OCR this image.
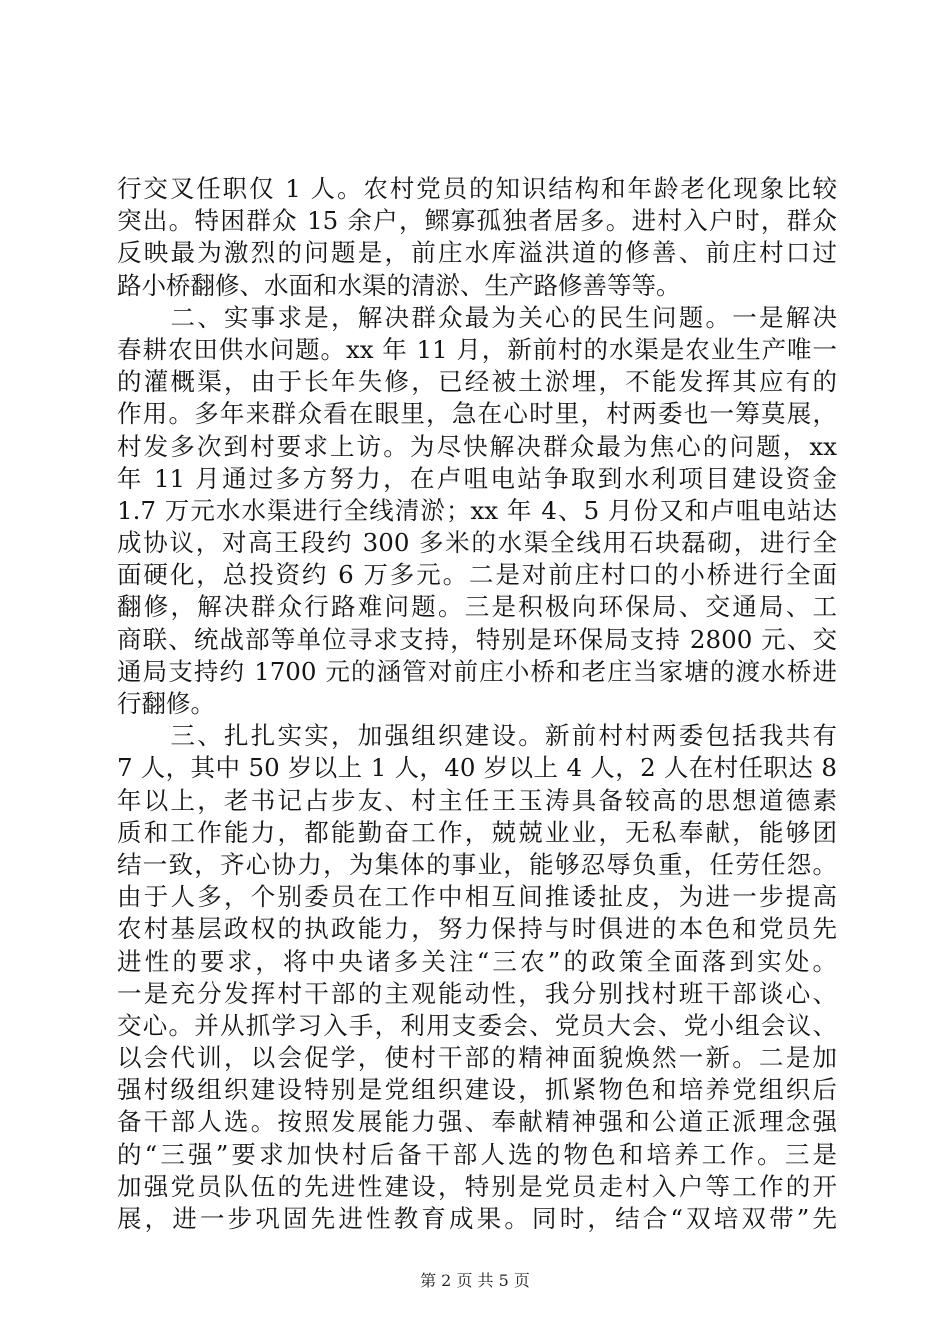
行交叉任职仅 1 人。农村党员的知识结构和年龄老化现象比较
突出。特困群众 15 余户，鳏寡孤独者居多。进村入户时，群众
反映最为激烈的问题是，前庄水库溢洪道的修善、前庄村口过
路小桥翻修、水面和水渠的清淤、生产路修善等等。
　　二、实事求是，解决群众最为关心的民生问题。一是解决
春耕农田供水问题。xx 年 11 月，新前村的水渠是农业生产唯一
的灌概渠，由于长年失修，已经被土淤埋，不能发挥其应有的
作用。多年来群众看在眼里，急在心时里，村两委也一筹莫展，
村发多次到村要求上访。为尽快解决群众最为焦心的问题，xx
年 11 月通过多方努力，在卢咀电站争取到水利项目建设资金
1.7 万元水水渠进行全线清淤；xx 年 4、5 月份又和卢咀电站达
成协议，对高王段约 300 多米的水渠全线用石块磊砌，进行全
面硬化，总投资约 6 万多元。二是对前庄村口的小桥进行全面
翻修，解决群众行路难问题。三是积极向环保局、交通局、工
商联、统战部等单位寻求支持，特别是环保局支持 2800 元、交
通局支持约 1700 元的涵管对前庄小桥和老庄当家塘的渡水桥进
行翻修。
　　三、扎扎实实，加强组织建设。新前村村两委包括我共有
7 人，其中 50 岁以上 1 人，40 岁以上 4 人，2 人在村任职达 8
年以上，老书记占步友、村主任王玉涛具备较高的思想道德素
质和工作能力，都能勤奋工作，兢兢业业，无私奉献，能够团
结一致，齐心协力，为集体的事业，能够忍辱负重，任劳任怨。
由于人多，个别委员在工作中相互间推诿扯皮，为进一步提高
农村基层政权的执政能力，努力保持与时俱进的本色和党员先
进性的要求，将中央诸多关注“三农”的政策全面落到实处。
一是充分发挥村干部的主观能动性，我分别找村班干部谈心、
交心。并从抓学习入手，利用支委会、党员大会、党小组会议、
以会代训，以会促学，使村干部的精神面貌焕然一新。二是加
强村级组织建设特别是党组织建设，抓紧物色和培养党组织后
备干部人选。按照发展能力强、奉献精神强和公道正派理念强
的“三强”要求加快村后备干部人选的物色和培养工作。三是
加强党员队伍的先进性建设，特别是党员走村入户等工作的开
展，进一步巩固先进性教育成果。同时，结合“双培双带”先
第 2 页 共 5 页
